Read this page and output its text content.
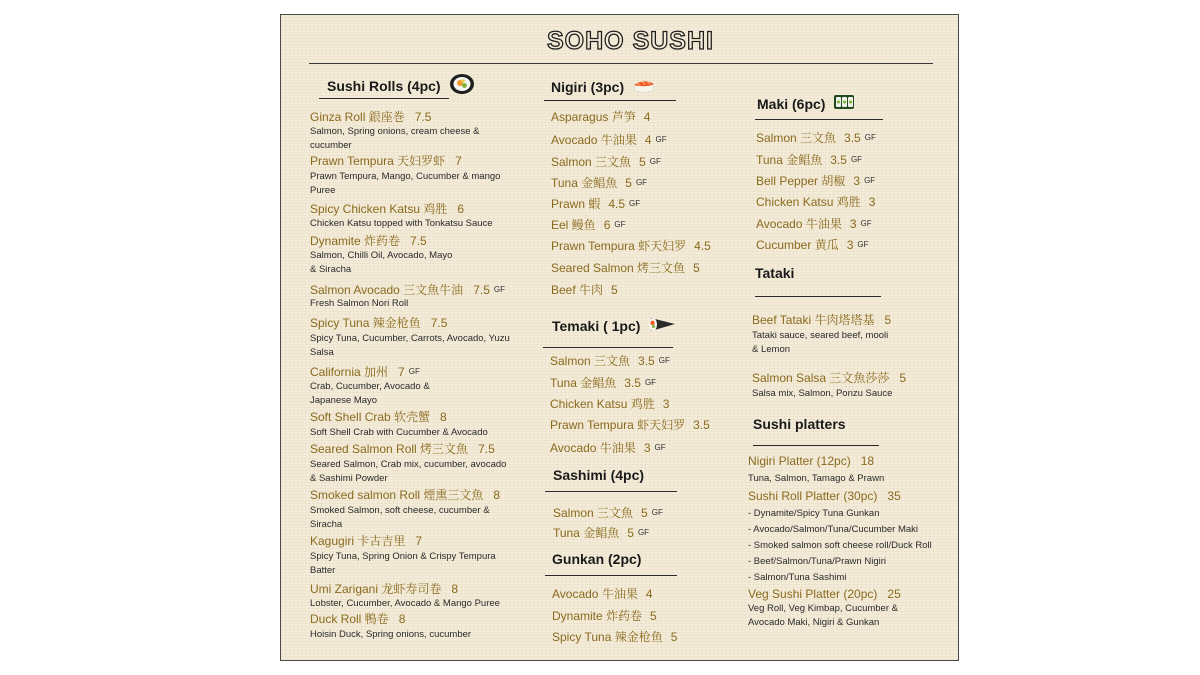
SOHO SUSHI
Sushi Rolls (4pc)
Ginza Roll 銀座巻 7.5
Salmon, Spring onions, cream cheese &
cucumber
Prawn Tempura 天妇罗虾 7
Prawn Tempura, Mango, Cucumber & mango
Puree
Spicy Chicken Katsu 鸡胜 6
Chicken Katsu topped with Tonkatsu Sauce
Dynamite 炸药卷 7.5
Salmon, Chilli Oil, Avocado, Mayo
& Siracha
Salmon Avocado 三文魚牛油 7.5 GF
Fresh Salmon Nori Roll
Spicy Tuna 辣金枪鱼 7.5
Spicy Tuna, Cucumber, Carrots, Avocado, Yuzu
Salsa
California 加州 7 GF
Crab, Cucumber, Avocado &
Japanese Mayo
Soft Shell Crab 软壳蟹 8
Soft Shell Crab with Cucumber & Avocado
Seared Salmon Roll 烤三文魚 7.5
Seared Salmon, Crab mix, cucumber, avocado
& Sashimi Powder
Smoked salmon Roll 煙熏三文魚 8
Smoked Salmon, soft cheese, cucumber &
Siracha
Kagugiri 卡古吉里 7
Spicy Tuna, Spring Onion & Crispy Tempura
Batter
Umi Zarigani 龙虾寿司卷 8
Lobster, Cucumber, Avocado & Mango Puree
Duck Roll 鴨卷 8
Hoisin Duck, Spring onions, cucumber
Nigiri (3pc)
Asparagus 芦笋 4
Avocado 牛油果 4 GF
Salmon 三文魚 5 GF
Tuna 金鲳魚 5 GF
Prawn 蝦 4.5 GF
Eel 鳗鱼 6 GF
Prawn Tempura 虾天妇罗 4.5
Seared Salmon 烤三文鱼 5
Beef 牛肉 5
Temaki ( 1pc)
Salmon 三文魚 3.5 GF
Tuna 金鲳魚 3.5 GF
Chicken Katsu 鸡胜 3
Prawn Tempura 虾天妇罗 3.5
Avocado 牛油果 3 GF
Sashimi (4pc)
Salmon 三文魚 5 GF
Tuna 金鲳魚 5 GF
Gunkan (2pc)
Avocado 牛油果 4
Dynamite 炸药卷 5
Spicy Tuna 辣金枪鱼 5
Maki (6pc)
Salmon 三文魚 3.5 GF
Tuna 金鲳魚 3.5 GF
Bell Pepper 胡椒 3 GF
Chicken Katsu 鸡胜 3
Avocado 牛油果 3 GF
Cucumber 黄瓜 3 GF
Tataki
Beef Tataki 牛肉塔塔基 5
Tataki sauce, seared beef, mooli
& Lemon
Salmon Salsa 三文魚莎莎 5
Salsa mix, Salmon, Ponzu Sauce
Sushi platters
Nigiri Platter (12pc) 18
Tuna, Salmon, Tamago & Prawn
Sushi Roll Platter (30pc) 35
- Dynamite/Spicy Tuna Gunkan
- Avocado/Salmon/Tuna/Cucumber Maki
- Smoked salmon soft cheese roll/Duck Roll
- Beef/Salmon/Tuna/Prawn Nigiri
- Salmon/Tuna Sashimi
Veg Sushi Platter (20pc) 25
Veg Roll, Veg Kimbap, Cucumber &
Avocado Maki, Nigiri & Gunkan
